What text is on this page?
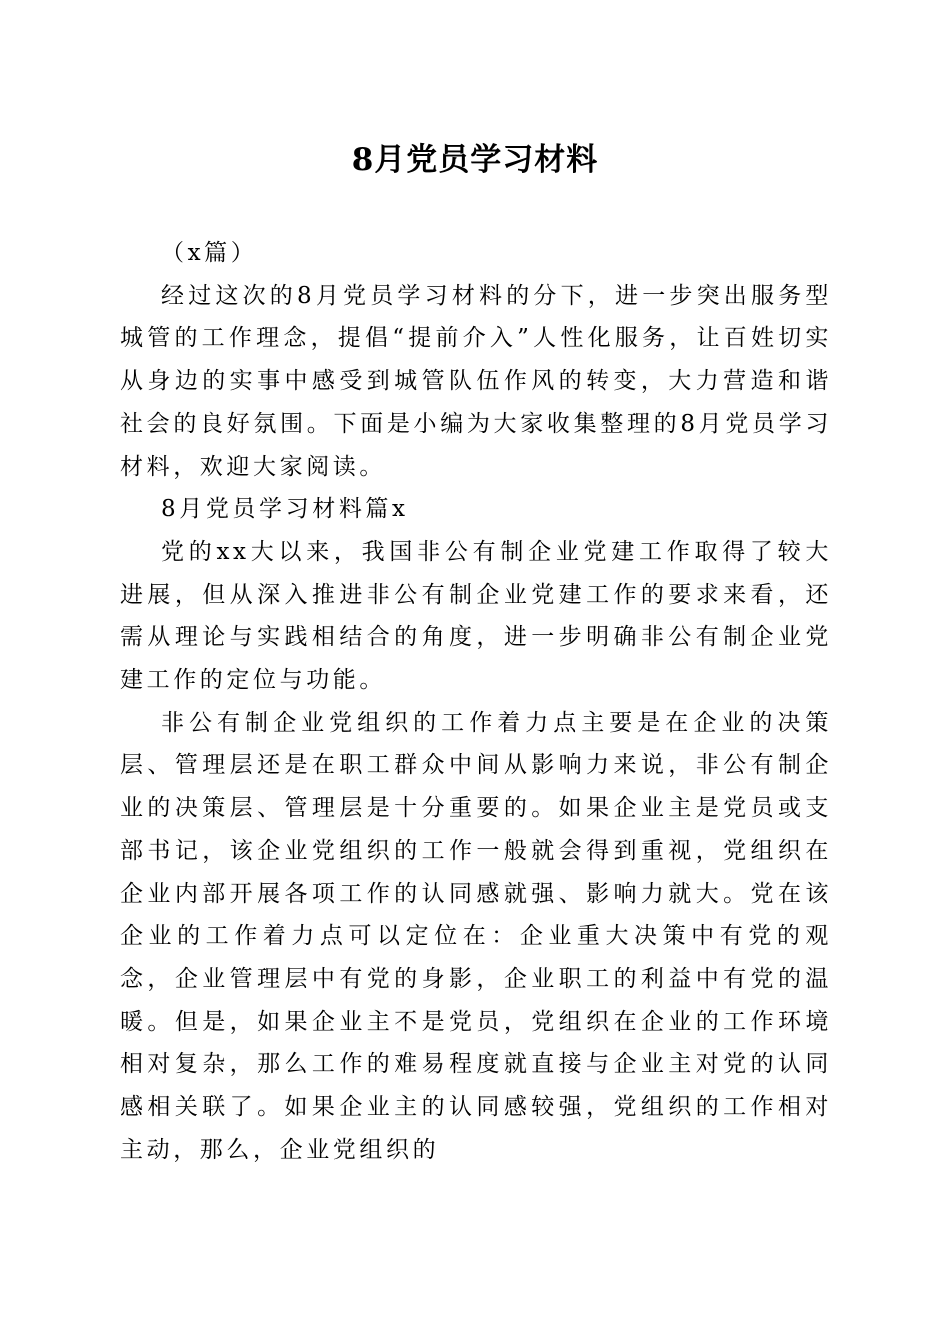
8月党员学习材料

（x篇）

经过这次的8月党员学习材料的分下，进一步突出服务型城管的工作理念，提倡“提前介入”人性化服务，让百姓切实从身边的实事中感受到城管队伍作风的转变，大力营造和谐社会的良好氛围。下面是小编为大家收集整理的8月党员学习材料，欢迎大家阅读。

8月党员学习材料篇x

党的xx大以来，我国非公有制企业党建工作取得了较大进展，但从深入推进非公有制企业党建工作的要求来看，还需从理论与实践相结合的角度，进一步明确非公有制企业党建工作的定位与功能。

非公有制企业党组织的工作着力点主要是在企业的决策层、管理层还是在职工群众中间从影响力来说，非公有制企业的决策层、管理层是十分重要的。如果企业主是党员或支部书记，该企业党组织的工作一般就会得到重视，党组织在企业内部开展各项工作的认同感就强、影响力就大。党在该企业的工作着力点可以定位在：企业重大决策中有党的观念，企业管理层中有党的身影，企业职工的利益中有党的温暖。但是，如果企业主不是党员，党组织在企业的工作环境相对复杂，那么工作的难易程度就直接与企业主对党的认同感相关联了。如果企业主的认同感较强，党组织的工作相对主动，那么，企业党组织的
